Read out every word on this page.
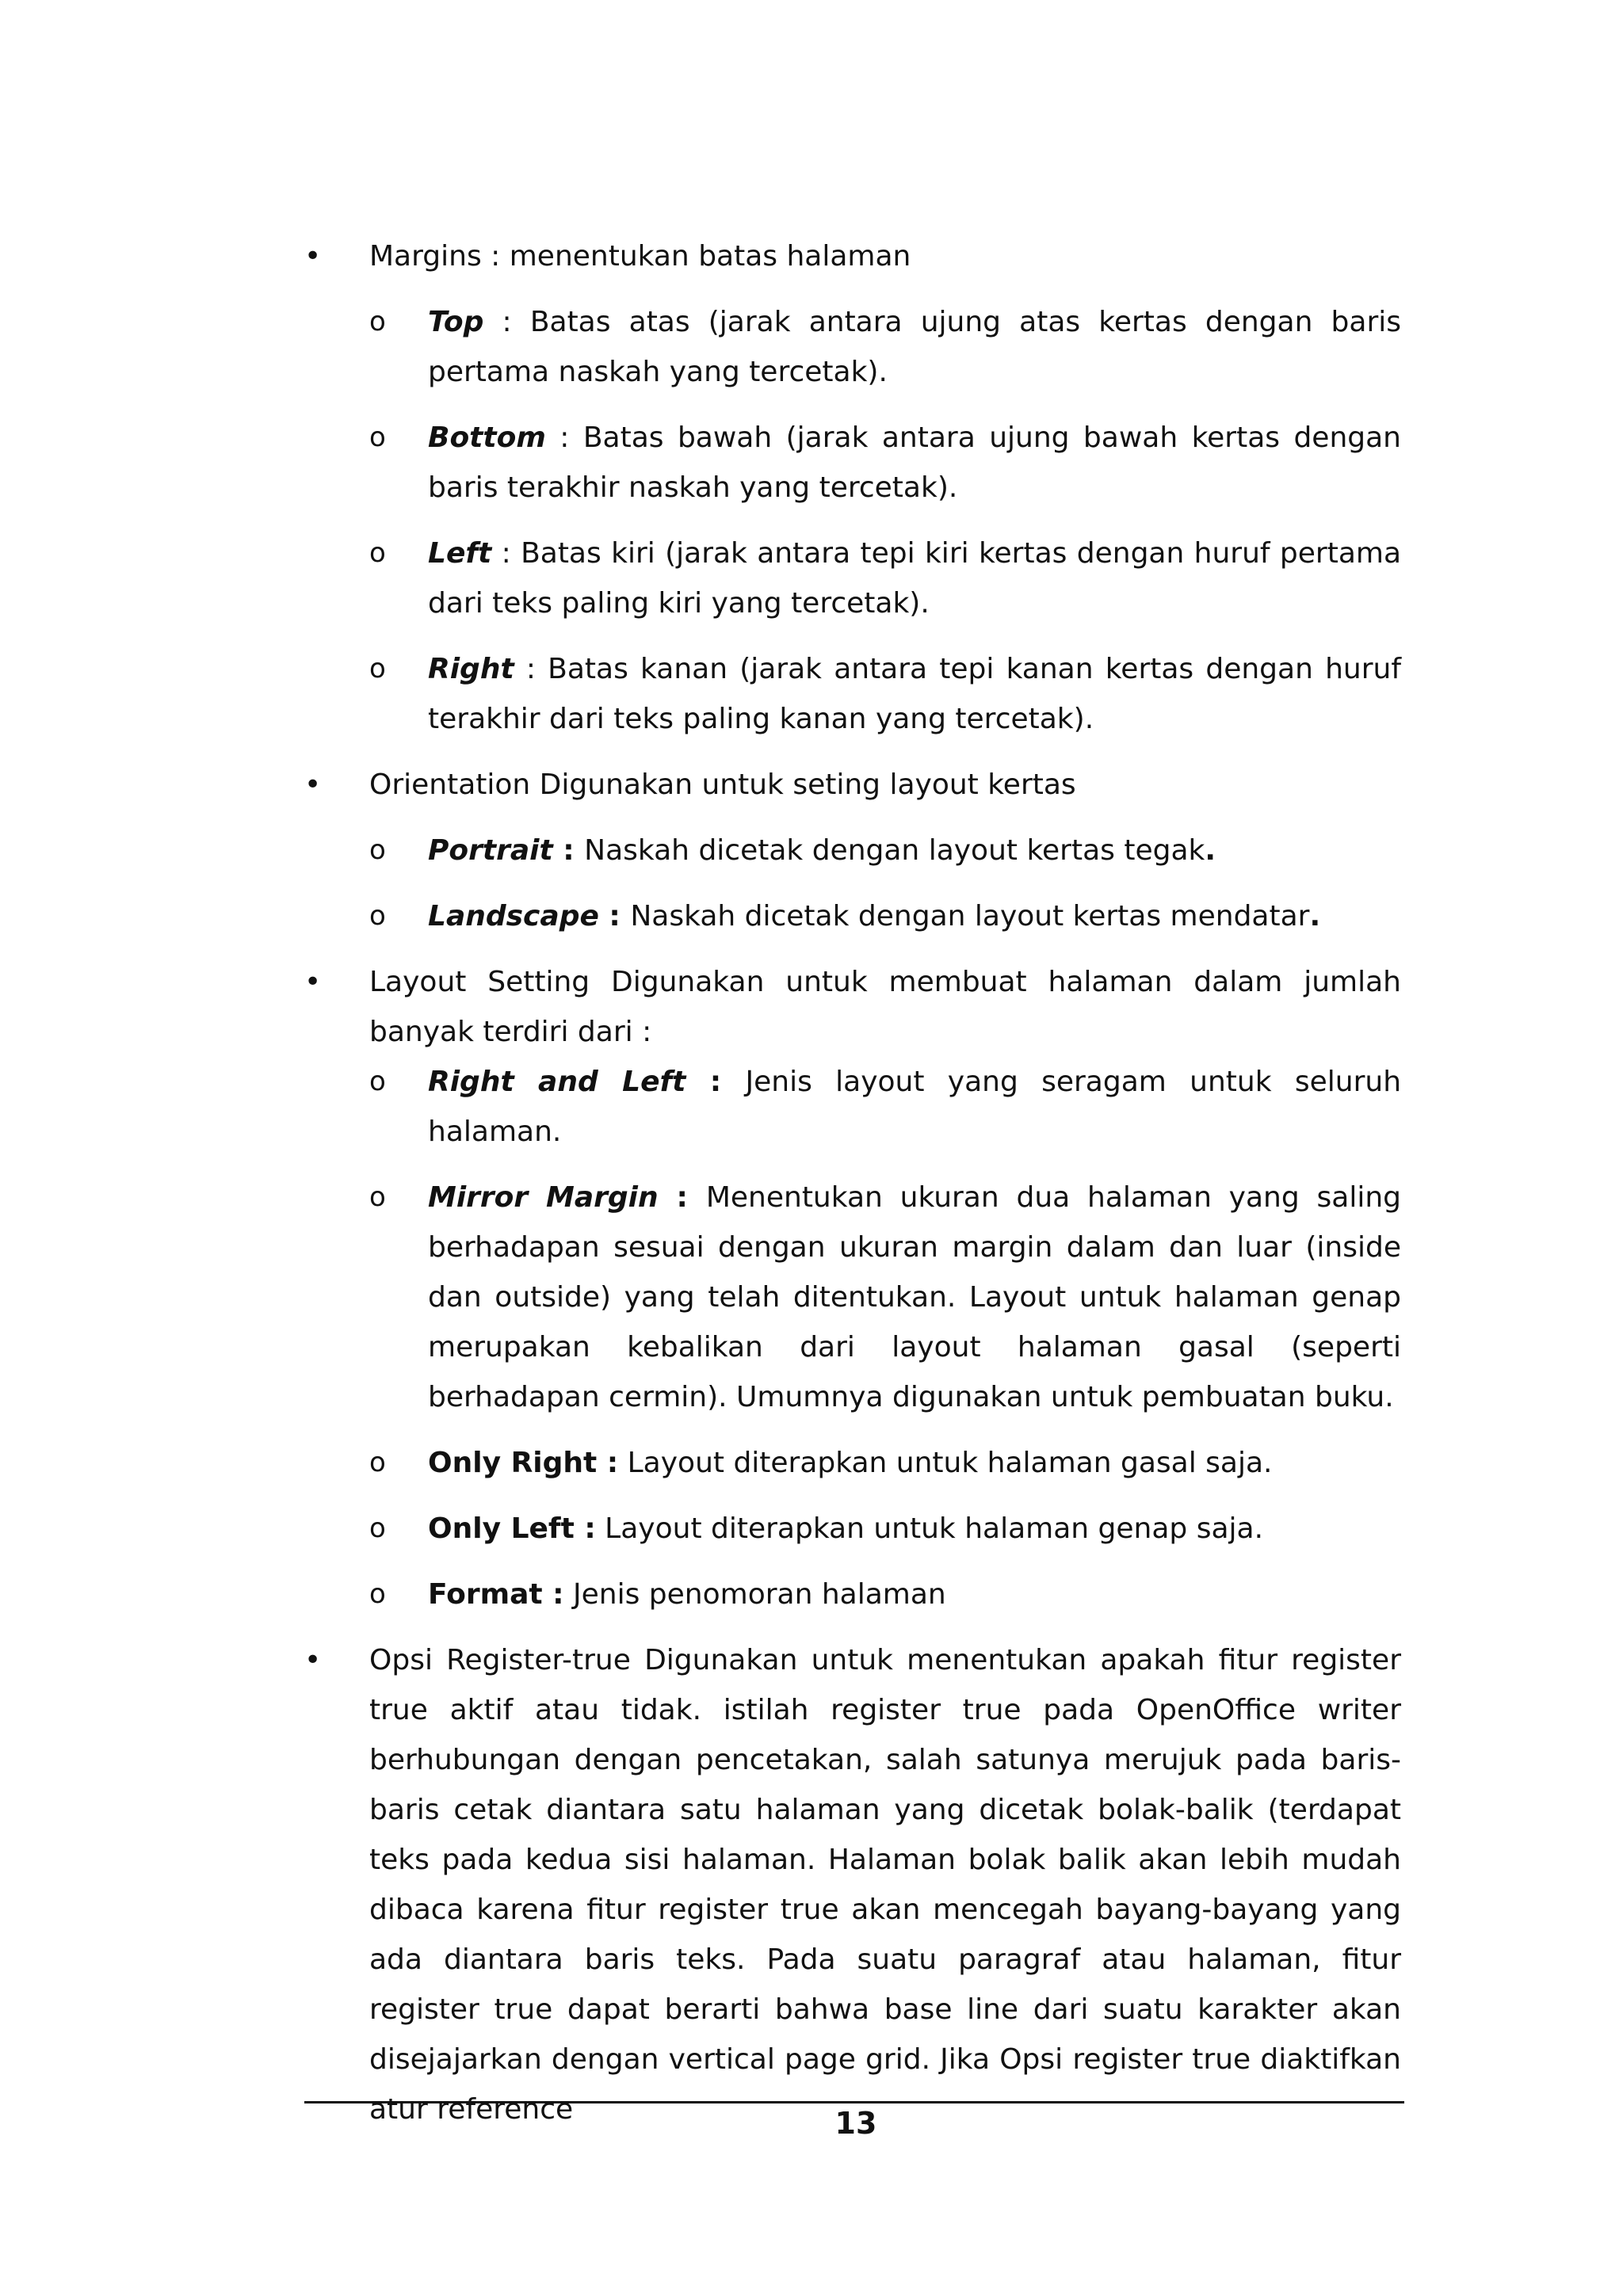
• Margins : menentukan batas halaman
o Top : Batas atas (jarak antara ujung atas kertas dengan baris pertama naskah yang tercetak).
o Bottom : Batas bawah (jarak antara ujung bawah kertas dengan baris terakhir naskah yang tercetak).
o Left : Batas kiri (jarak antara tepi kiri kertas dengan huruf pertama dari teks paling kiri yang tercetak).
o Right : Batas kanan (jarak antara tepi kanan kertas dengan huruf terakhir dari teks paling kanan yang tercetak).
• Orientation Digunakan untuk seting layout kertas
o Portrait : Naskah dicetak dengan layout kertas tegak.
o Landscape : Naskah dicetak dengan layout kertas mendatar.
• Layout Setting Digunakan untuk membuat halaman dalam jumlah banyak terdiri dari :
o Right and Left : Jenis layout yang seragam untuk seluruh halaman.
o Mirror Margin : Menentukan ukuran dua halaman yang saling berhadapan sesuai dengan ukuran margin dalam dan luar (inside dan outside) yang telah ditentukan. Layout untuk halaman genap merupakan kebalikan dari layout halaman gasal (seperti berhadapan cermin). Umumnya digunakan untuk pembuatan buku.
o Only Right : Layout diterapkan untuk halaman gasal saja.
o Only Left : Layout diterapkan untuk halaman genap saja.
o Format : Jenis penomoran halaman
• Opsi Register-true Digunakan untuk menentukan apakah fitur register true aktif atau tidak. istilah register true pada OpenOffice writer berhubungan dengan pencetakan, salah satunya merujuk pada baris-baris cetak diantara satu halaman yang dicetak bolak-balik (terdapat teks pada kedua sisi halaman. Halaman bolak balik akan lebih mudah dibaca karena fitur register true akan mencegah bayang-bayang yang ada diantara baris teks. Pada suatu paragraf atau halaman, fitur register true dapat berarti bahwa base line dari suatu karakter akan disejajarkan dengan vertical page grid. Jika Opsi register true diaktifkan atur reference	13
